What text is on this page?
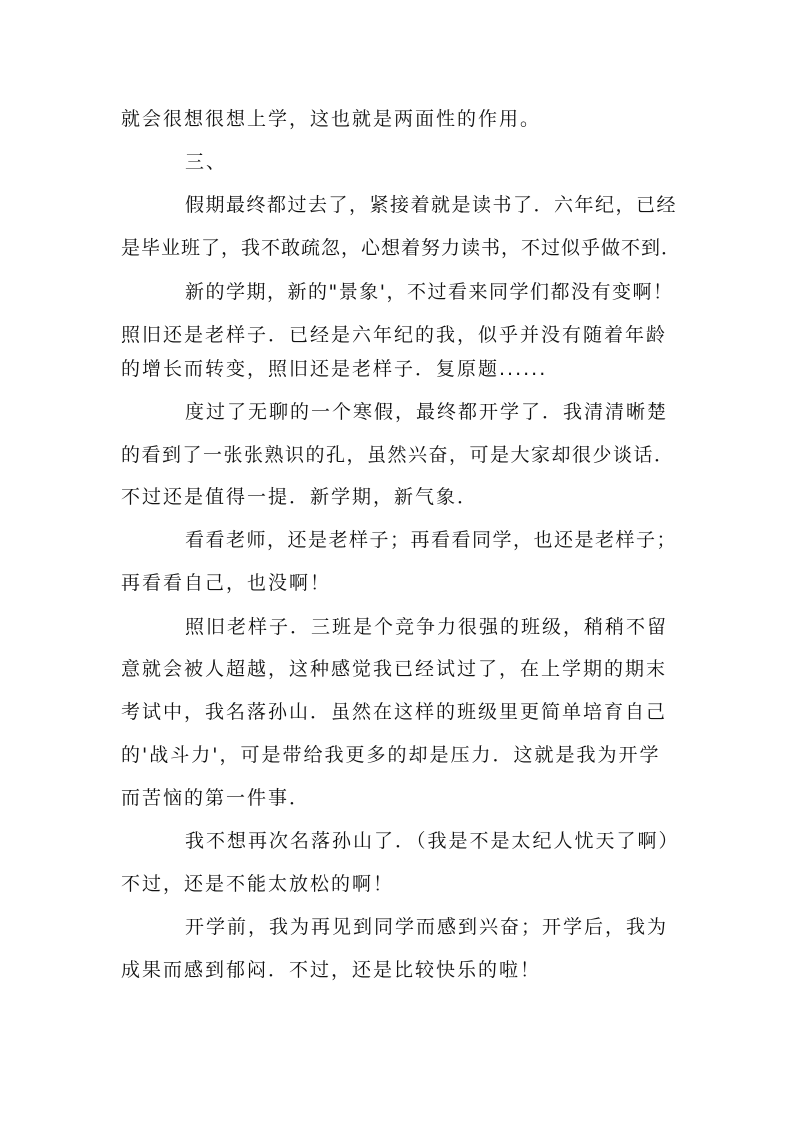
就会很想很想上学，这也就是两面性的作用。
三、
假期最终都过去了，紧接着就是读书了．六年纪，已经
是毕业班了，我不敢疏忽，心想着努力读书，不过似乎做不到．
新的学期，新的"景象'，不过看来同学们都没有变啊！
照旧还是老样子．已经是六年纪的我，似乎并没有随着年龄
的增长而转变，照旧还是老样子．复原题......
度过了无聊的一个寒假，最终都开学了．我清清晰楚
的看到了一张张熟识的孔，虽然兴奋，可是大家却很少谈话．
不过还是值得一提．新学期，新气象．
看看老师，还是老样子；再看看同学，也还是老样子；
再看看自己，也没啊！
照旧老样子．三班是个竞争力很强的班级，稍稍不留
意就会被人超越，这种感觉我已经试过了，在上学期的期末
考试中，我名落孙山．虽然在这样的班级里更简单培育自己
的'战斗力'，可是带给我更多的却是压力．这就是我为开学
而苦恼的第一件事．
我不想再次名落孙山了．（我是不是太纪人忧天了啊）
不过，还是不能太放松的啊！
开学前，我为再见到同学而感到兴奋；开学后，我为
成果而感到郁闷．不过，还是比较快乐的啦！
